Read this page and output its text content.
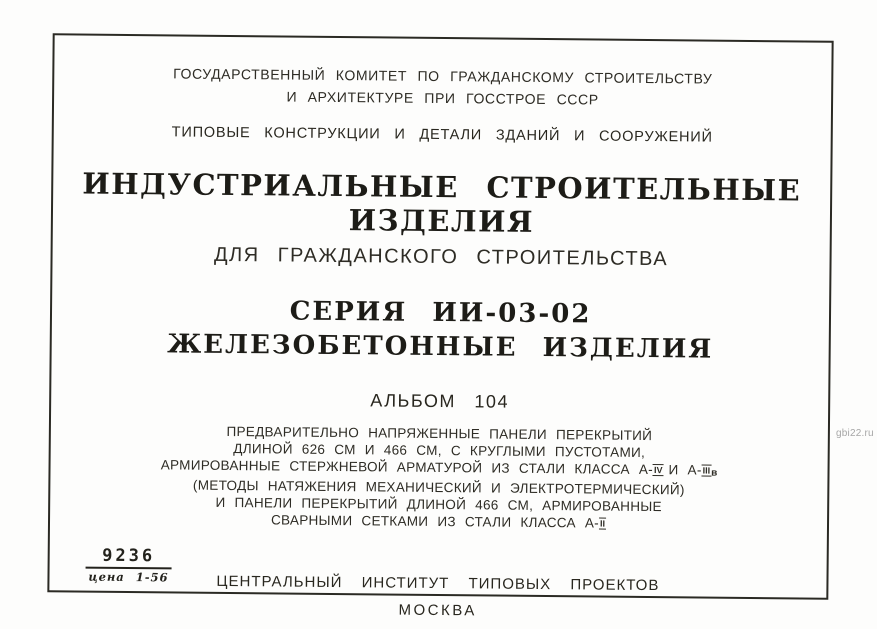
ГОСУДАРСТВЕННЫЙ КОМИТЕТ ПО ГРАЖДАНСКОМУ СТРОИТЕЛЬСТВУ
И АРХИТЕКТУРЕ ПРИ ГОССТРОЕ СССР
ТИПОВЫЕ КОНСТРУКЦИИ И ДЕТАЛИ ЗДАНИЙ И СООРУЖЕНИЙ
ИНДУСТРИАЛЬНЫЕ СТРОИТЕЛЬНЫЕ ИЗДЕЛИЯ
ДЛЯ ГРАЖДАНСКОГО СТРОИТЕЛЬСТВА
СЕРИЯ ИИ-03-02
ЖЕЛЕЗОБЕТОННЫЕ ИЗДЕЛИЯ
АЛЬБОМ 104
ПРЕДВАРИТЕЛЬНО НАПРЯЖЕННЫЕ ПАНЕЛИ ПЕРЕКРЫТИЙ
ДЛИНОЙ 626 СМ И 466 СМ, С КРУГЛЫМИ ПУСТОТАМИ,
АРМИРОВАННЫЕ СТЕРЖНЕВОЙ АРМАТУРОЙ ИЗ СТАЛИ КЛАССА А-IV И А-IIIв
(МЕТОДЫ НАТЯЖЕНИЯ МЕХАНИЧЕСКИЙ И ЭЛЕКТРОТЕРМИЧЕСКИЙ)
И ПАНЕЛИ ПЕРЕКРЫТИЙ ДЛИНОЙ 466 СМ, АРМИРОВАННЫЕ
СВАРНЫМИ СЕТКАМИ ИЗ СТАЛИ КЛАССА А-II
ЦЕНТРАЛЬНЫЙ ИНСТИТУТ ТИПОВЫХ ПРОЕКТОВ
МОСКВА
9236
цена 1-56
gbi22.ru
